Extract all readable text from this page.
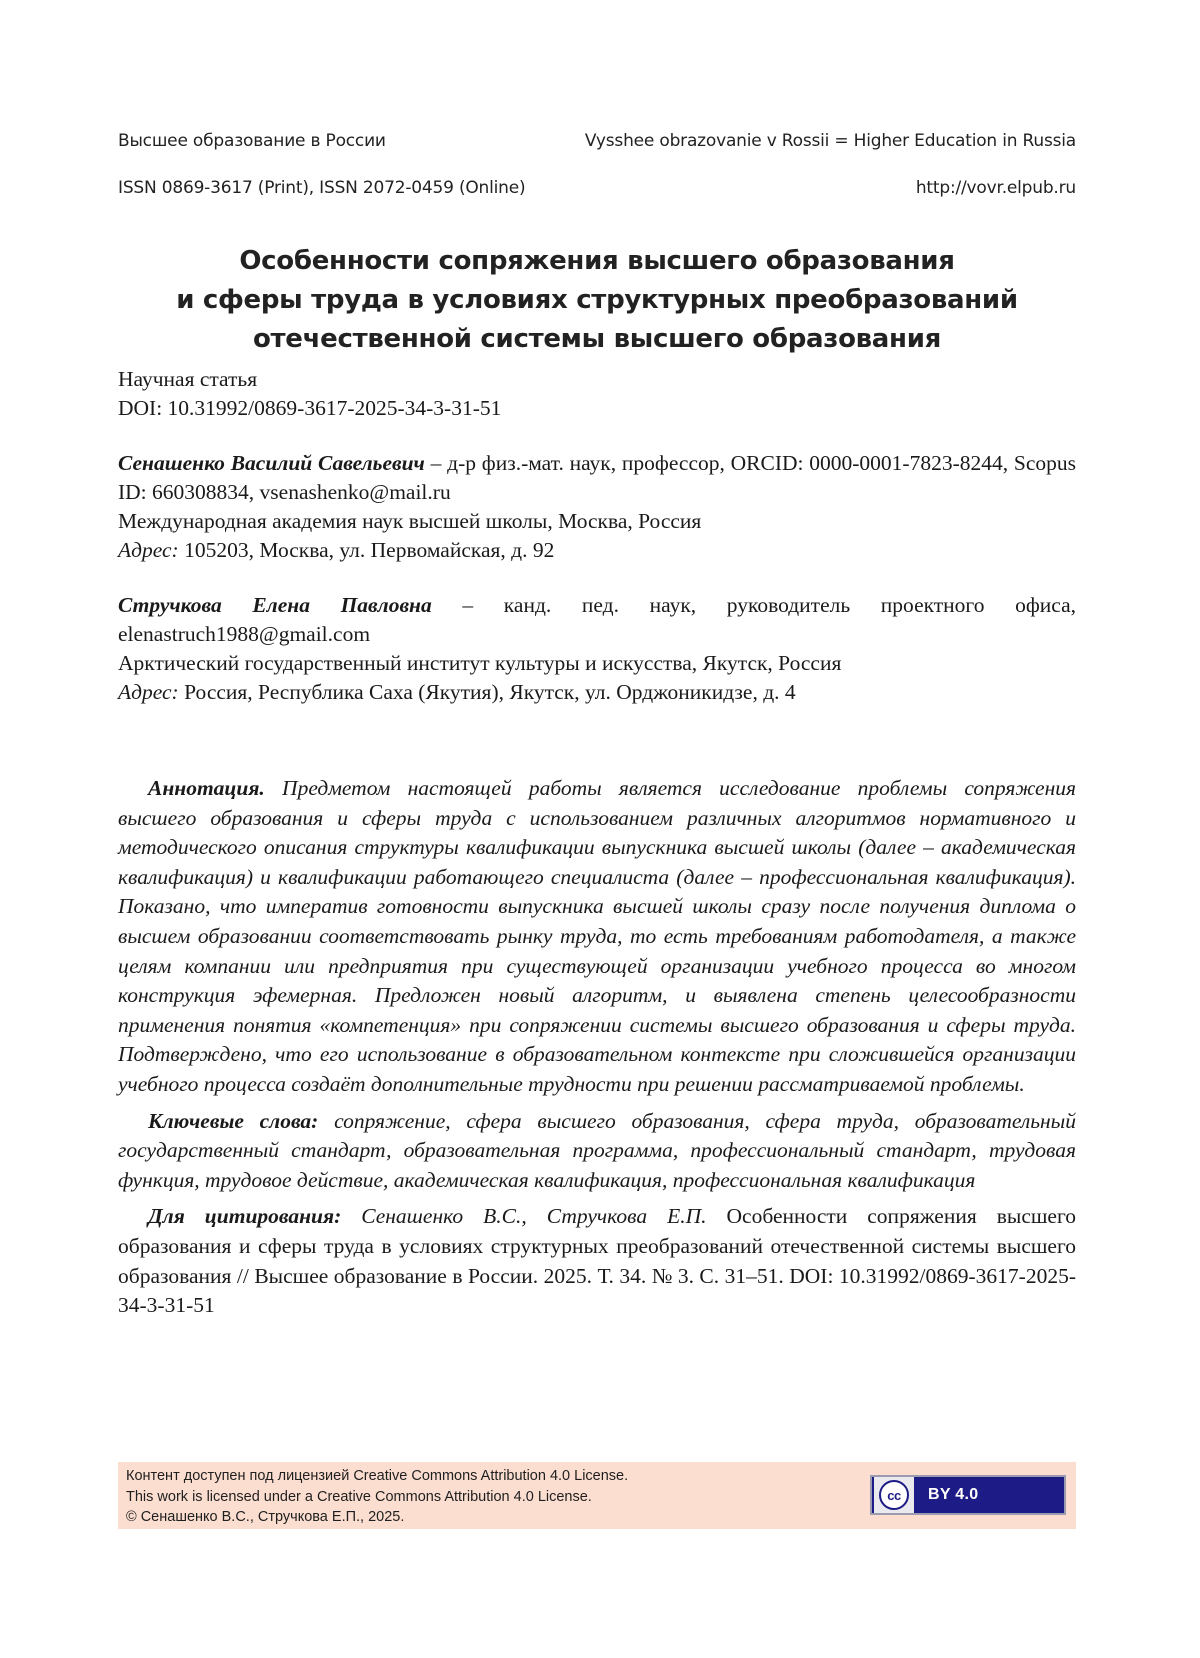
Высшее образование в России	Vysshee obrazovanie v Rossii = Higher Education in Russia
ISSN 0869-3617 (Print), ISSN 2072-0459 (Online)	http://vovr.elpub.ru
Особенности сопряжения высшего образования
и сферы труда в условиях структурных преобразований
отечественной системы высшего образования

Научная статья

DOI: 10.31992/0869-3617-2025-34-3-31-51

Сенашенко Василий Савельевич – д-р физ.-мат. наук, профессор, ORCID: 0000-0001-7823-8244, Scopus ID: 660308834, vsenashenko@mail.ru

Международная академия наук высшей школы, Москва, Россия

Адрес: 105203, Москва, ул. Первомайская, д. 92

Стручкова Елена Павловна – канд. пед. наук, руководитель проектного офиса, elenastruch1988@gmail.com

Арктический государственный институт культуры и искусства, Якутск, Россия

Адрес: Россия, Республика Саха (Якутия), Якутск, ул. Орджоникидзе, д. 4

Аннотация. Предметом настоящей работы является исследование проблемы сопряжения высшего образования и сферы труда с использованием различных алгоритмов нормативного и методического описания структуры квалификации выпускника высшей школы (далее – академическая квалификация) и квалификации работающего специалиста (далее – профессиональная квалификация). Показано, что императив готовности выпускника высшей школы сразу после получения диплома о высшем образовании соответствовать рынку труда, то есть требованиям работодателя, а также целям компании или предприятия при существующей организации учебного процесса во многом конструкция эфемерная. Предложен новый алгоритм, и выявлена степень целесообразности применения понятия «компетенция» при сопряжении системы высшего образования и сферы труда. Подтверждено, что его использование в образовательном контексте при сложившейся организации учебного процесса создаёт дополнительные трудности при решении рассматриваемой проблемы.

Ключевые слова: сопряжение, сфера высшего образования, сфера труда, образовательный государственный стандарт, образовательная программа, профессиональный стандарт, трудовая функция, трудовое действие, академическая квалификация, профессиональная квалификация

Для цитирования: Сенашенко В.С., Стручкова Е.П. Особенности сопряжения высшего образования и сферы труда в условиях структурных преобразований отечественной системы высшего образования // Высшее образование в России. 2025. Т. 34. № 3. С. 31–51. DOI: 10.31992/0869-3617-2025-34-3-31-51

Контент доступен под лицензией Creative Commons Attribution 4.0 License.
This work is licensed under a Creative Commons Attribution 4.0 License.
© Сенашенко В.С., Стручкова Е.П., 2025.
cc	BY 4.0
